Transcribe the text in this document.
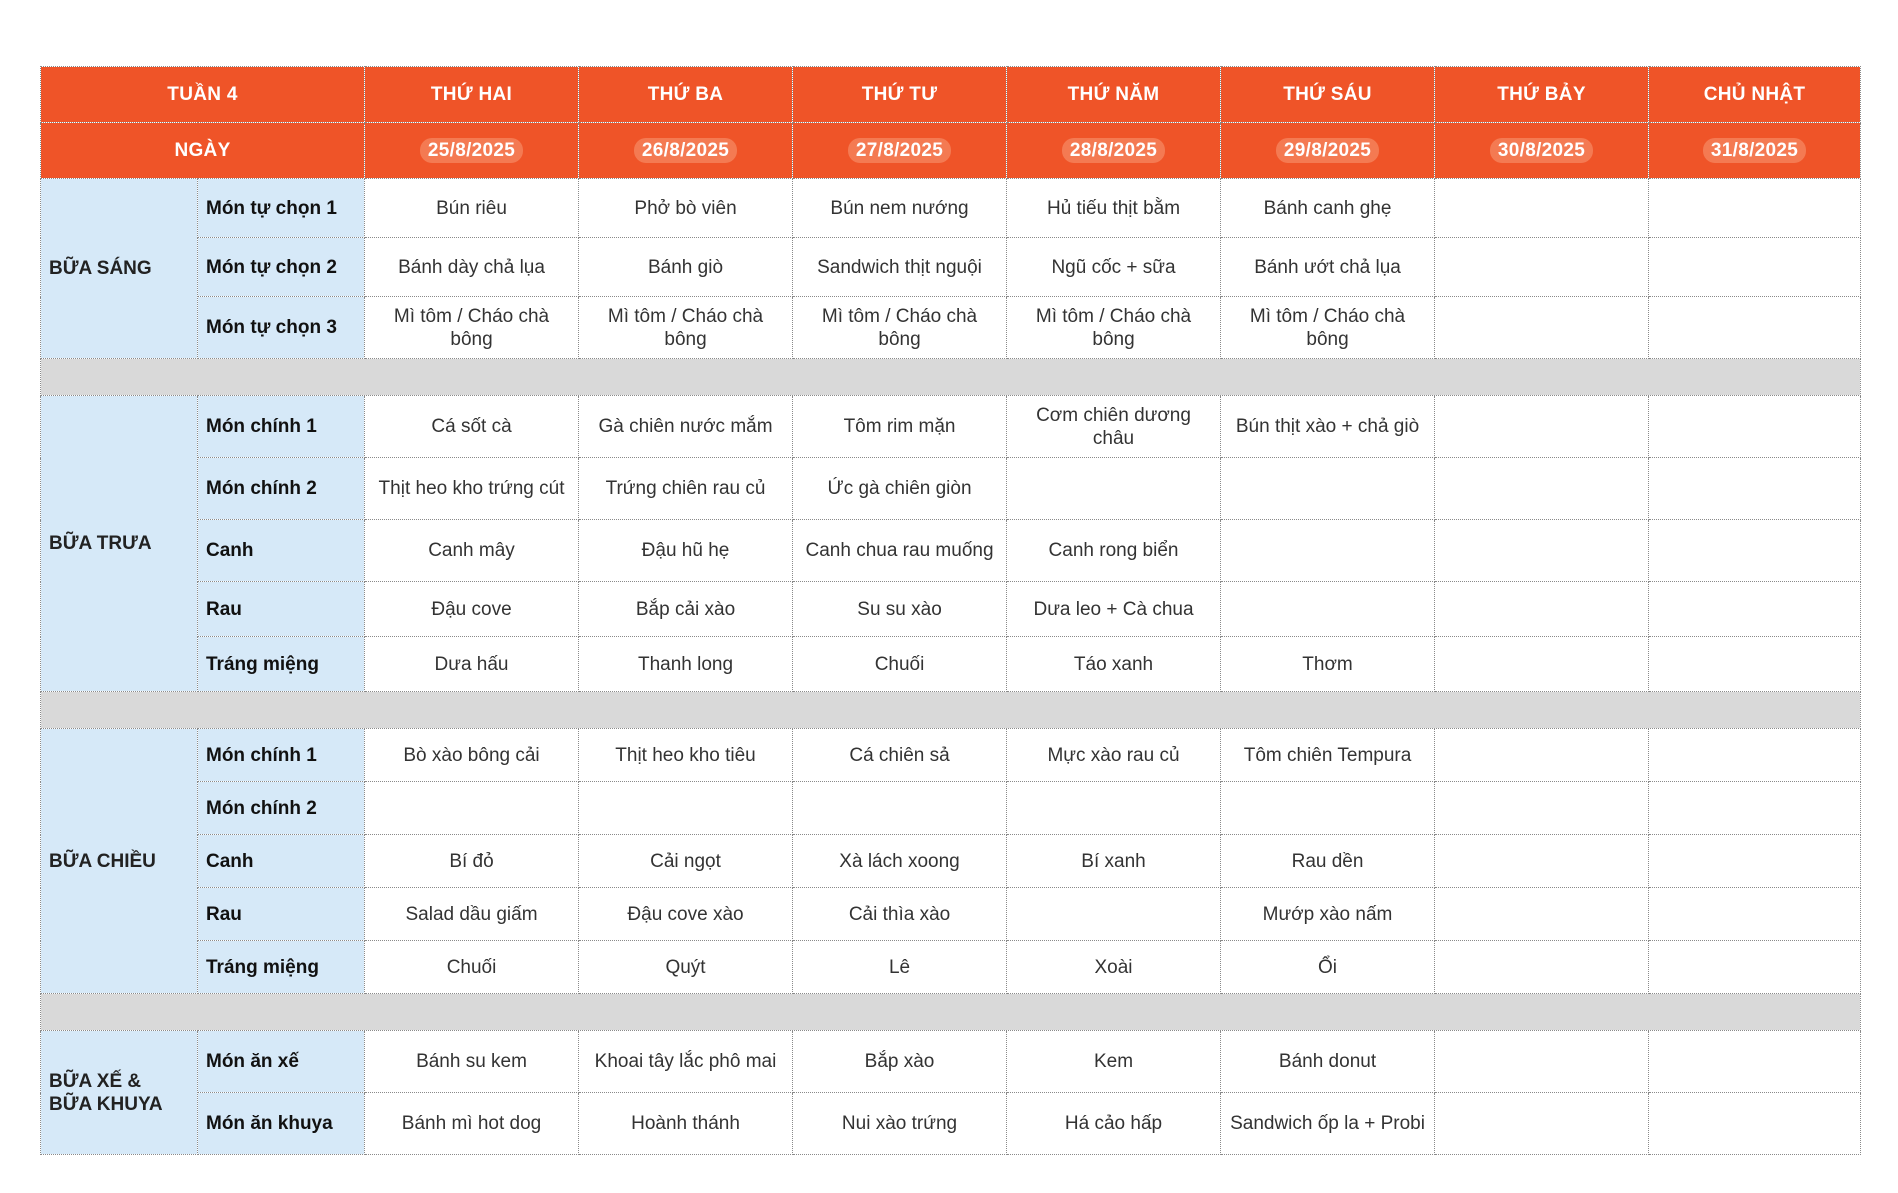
TUẦN 4		THỨ HAI	THỨ BA	THỨ TƯ	THỨ NĂM	THỨ SÁU	THỨ BẢY	CHỦ NHẬT
NGÀY		25/8/2025	26/8/2025	27/8/2025	28/8/2025	29/8/2025	30/8/2025	31/8/2025
BỮA SÁNG	Món tự chọn 1	Bún riêu	Phở bò viên	Bún nem nướng	Hủ tiếu thịt bằm	Bánh canh ghẹ		
	Món tự chọn 2	Bánh dày chả lụa	Bánh giò	Sandwich thịt nguội	Ngũ cốc + sữa	Bánh ướt chả lụa		
	Món tự chọn 3	Mì tôm / Cháo chà bông	Mì tôm / Cháo chà bông	Mì tôm / Cháo chà bông	Mì tôm / Cháo chà bông	Mì tôm / Cháo chà bông		

BỮA TRƯA	Món chính 1	Cá sốt cà	Gà chiên nước mắm	Tôm rim mặn	Cơm chiên dương châu	Bún thịt xào + chả giò		
	Món chính 2	Thịt heo kho trứng cút	Trứng chiên rau củ	Ức gà chiên giòn				
	Canh	Canh mây	Đậu hũ hẹ	Canh chua rau muống	Canh rong biển			
	Rau	Đậu cove	Bắp cải xào	Su su xào	Dưa leo + Cà chua			
	Tráng miệng	Dưa hấu	Thanh long	Chuối	Táo xanh	Thơm		

BỮA CHIỀU	Món chính 1	Bò xào bông cải	Thịt heo kho tiêu	Cá chiên sả	Mực xào rau củ	Tôm chiên Tempura		
	Món chính 2							
	Canh	Bí đỏ	Cải ngọt	Xà lách xoong	Bí xanh	Rau dền		
	Rau	Salad dầu giấm	Đậu cove xào	Cải thìa xào		Mướp xào nấm		
	Tráng miệng	Chuối	Quýt	Lê	Xoài	Ổi		

BỮA XẾ & BỮA KHUYA	Món ăn xế	Bánh su kem	Khoai tây lắc phô mai	Bắp xào	Kem	Bánh donut		
	Món ăn khuya	Bánh mì hot dog	Hoành thánh	Nui xào trứng	Há cảo hấp	Sandwich ốp la + Probi		
